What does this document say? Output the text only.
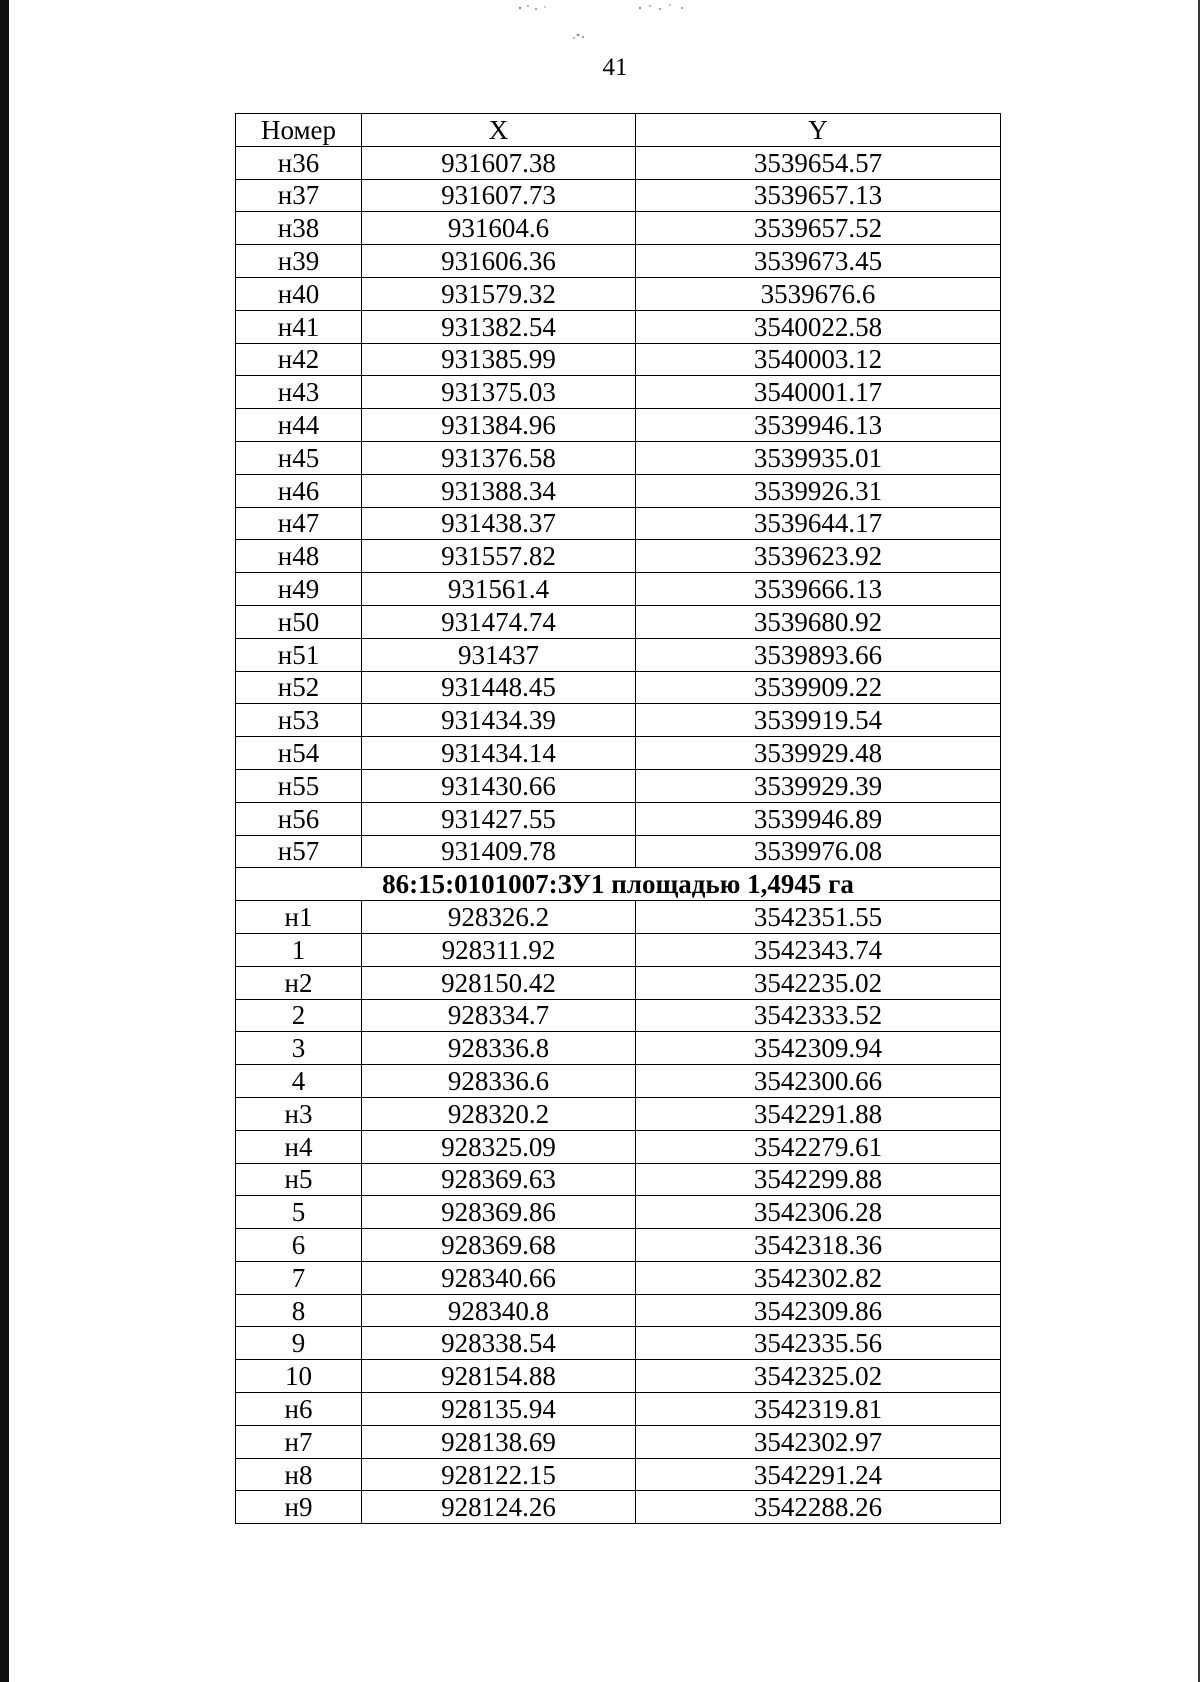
41
Номер	X	Y
н36	931607.38	3539654.57
н37	931607.73	3539657.13
н38	931604.6	3539657.52
н39	931606.36	3539673.45
н40	931579.32	3539676.6
н41	931382.54	3540022.58
н42	931385.99	3540003.12
н43	931375.03	3540001.17
н44	931384.96	3539946.13
н45	931376.58	3539935.01
н46	931388.34	3539926.31
н47	931438.37	3539644.17
н48	931557.82	3539623.92
н49	931561.4	3539666.13
н50	931474.74	3539680.92
н51	931437	3539893.66
н52	931448.45	3539909.22
н53	931434.39	3539919.54
н54	931434.14	3539929.48
н55	931430.66	3539929.39
н56	931427.55	3539946.89
н57	931409.78	3539976.08
86:15:0101007:ЗУ1 площадью 1,4945 га		
н1	928326.2	3542351.55
1	928311.92	3542343.74
н2	928150.42	3542235.02
2	928334.7	3542333.52
3	928336.8	3542309.94
4	928336.6	3542300.66
н3	928320.2	3542291.88
н4	928325.09	3542279.61
н5	928369.63	3542299.88
5	928369.86	3542306.28
6	928369.68	3542318.36
7	928340.66	3542302.82
8	928340.8	3542309.86
9	928338.54	3542335.56
10	928154.88	3542325.02
н6	928135.94	3542319.81
н7	928138.69	3542302.97
н8	928122.15	3542291.24
н9	928124.26	3542288.26
